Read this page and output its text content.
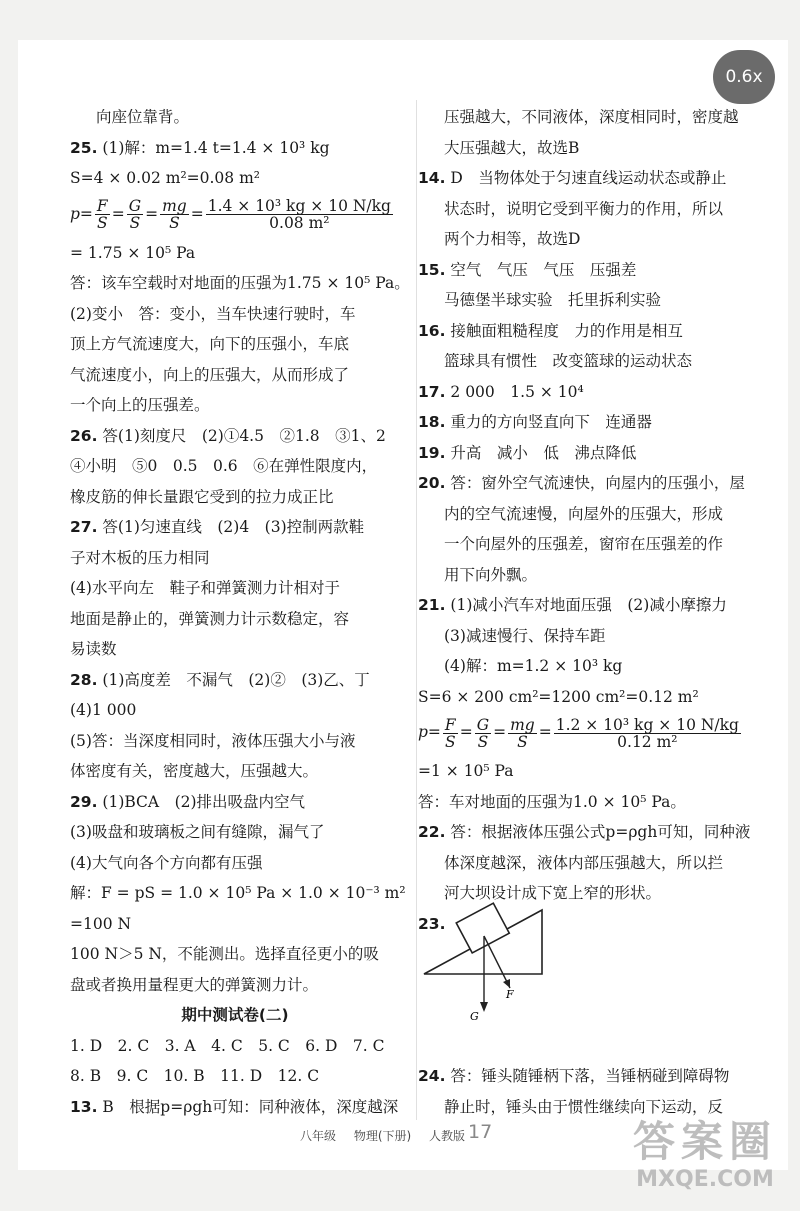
向座位靠背。
25. (1)解：m=1.4 t=1.4 × 10³ kg
S=4 × 0.02 m²=0.08 m²
$p= \frac{F}{S} = \frac{G}{S} = \frac{mg}{S} = \frac{\text{1.4 × 10³ kg × 10 N/kg}}{\text{0.08 m²}}$
= 1.75 × 10⁵ Pa
答：该车空载时对地面的压强为1.75 × 10⁵ Pa。
(2)变小　答：变小，当车快速行驶时，车
顶上方气流速度大，向下的压强小，车底
气流速度小，向上的压强大，从而形成了
一个向上的压强差。
26. 答(1)刻度尺　(2)①4.5　②1.8　③1、2
④小明　⑤0　0.5　0.6　⑥在弹性限度内，
橡皮筋的伸长量跟它受到的拉力成正比
27. 答(1)匀速直线　(2)4　(3)控制两款鞋
子对木板的压力相同
(4)水平向左　鞋子和弹簧测力计相对于
地面是静止的，弹簧测力计示数稳定，容
易读数
28. (1)高度差　不漏气　(2)②　(3)乙、丁
(4)1 000
(5)答：当深度相同时，液体压强大小与液
体密度有关，密度越大，压强越大。
29. (1)BCA　(2)排出吸盘内空气
(3)吸盘和玻璃板之间有缝隙，漏气了
(4)大气向各个方向都有压强
解：F = pS = 1.0 × 10⁵ Pa × 1.0 × 10⁻³ m²
=100 N
100 N＞5 N，不能测出。选择直径更小的吸
盘或者换用量程更大的弹簧测力计。
期中测试卷(二)
1. D　2. C　3. A　4. C　5. C　6. D　7. C
8. B　9. C　10. B　11. D　12. C
13. B　根据p=ρgh可知：同种液体，深度越深
压强越大，不同液体，深度相同时，密度越
大压强越大，故选B
14. D　当物体处于匀速直线运动状态或静止
状态时，说明它受到平衡力的作用，所以
两个力相等，故选D
15. 空气　气压　气压　压强差
马德堡半球实验　托里拆利实验
16. 接触面粗糙程度　力的作用是相互
篮球具有惯性　改变篮球的运动状态
17. 2 000　1.5 × 10⁴
18. 重力的方向竖直向下　连通器
19. 升高　减小　低　沸点降低
20. 答：窗外空气流速快，向屋内的压强小，屋
内的空气流速慢，向屋外的压强大，形成
一个向屋外的压强差，窗帘在压强差的作
用下向外飘。
21. (1)减小汽车对地面压强　(2)减小摩擦力
(3)减速慢行、保持车距
(4)解：m=1.2 × 10³ kg
S=6 × 200 cm²=1200 cm²=0.12 m²
$p= \frac{F}{S} = \frac{G}{S} = \frac{mg}{S} = \frac{\text{1.2 × 10³ kg × 10 N/kg}}{\text{0.12 m²}}$
=1 × 10⁵ Pa
答：车对地面的压强为1.0 × 10⁵ Pa。
22. 答：根据液体压强公式p=ρgh可知，同种液
体深度越深，液体内部压强越大，所以拦
河大坝设计成下宽上窄的形状。
23.

24. 答：锤头随锤柄下落，当锤柄碰到障碍物
静止时，锤头由于惯性继续向下运动，反
F
G
0.6x
八年级 物理(下册) 人教版 17	答案圈
MXQE.COM
